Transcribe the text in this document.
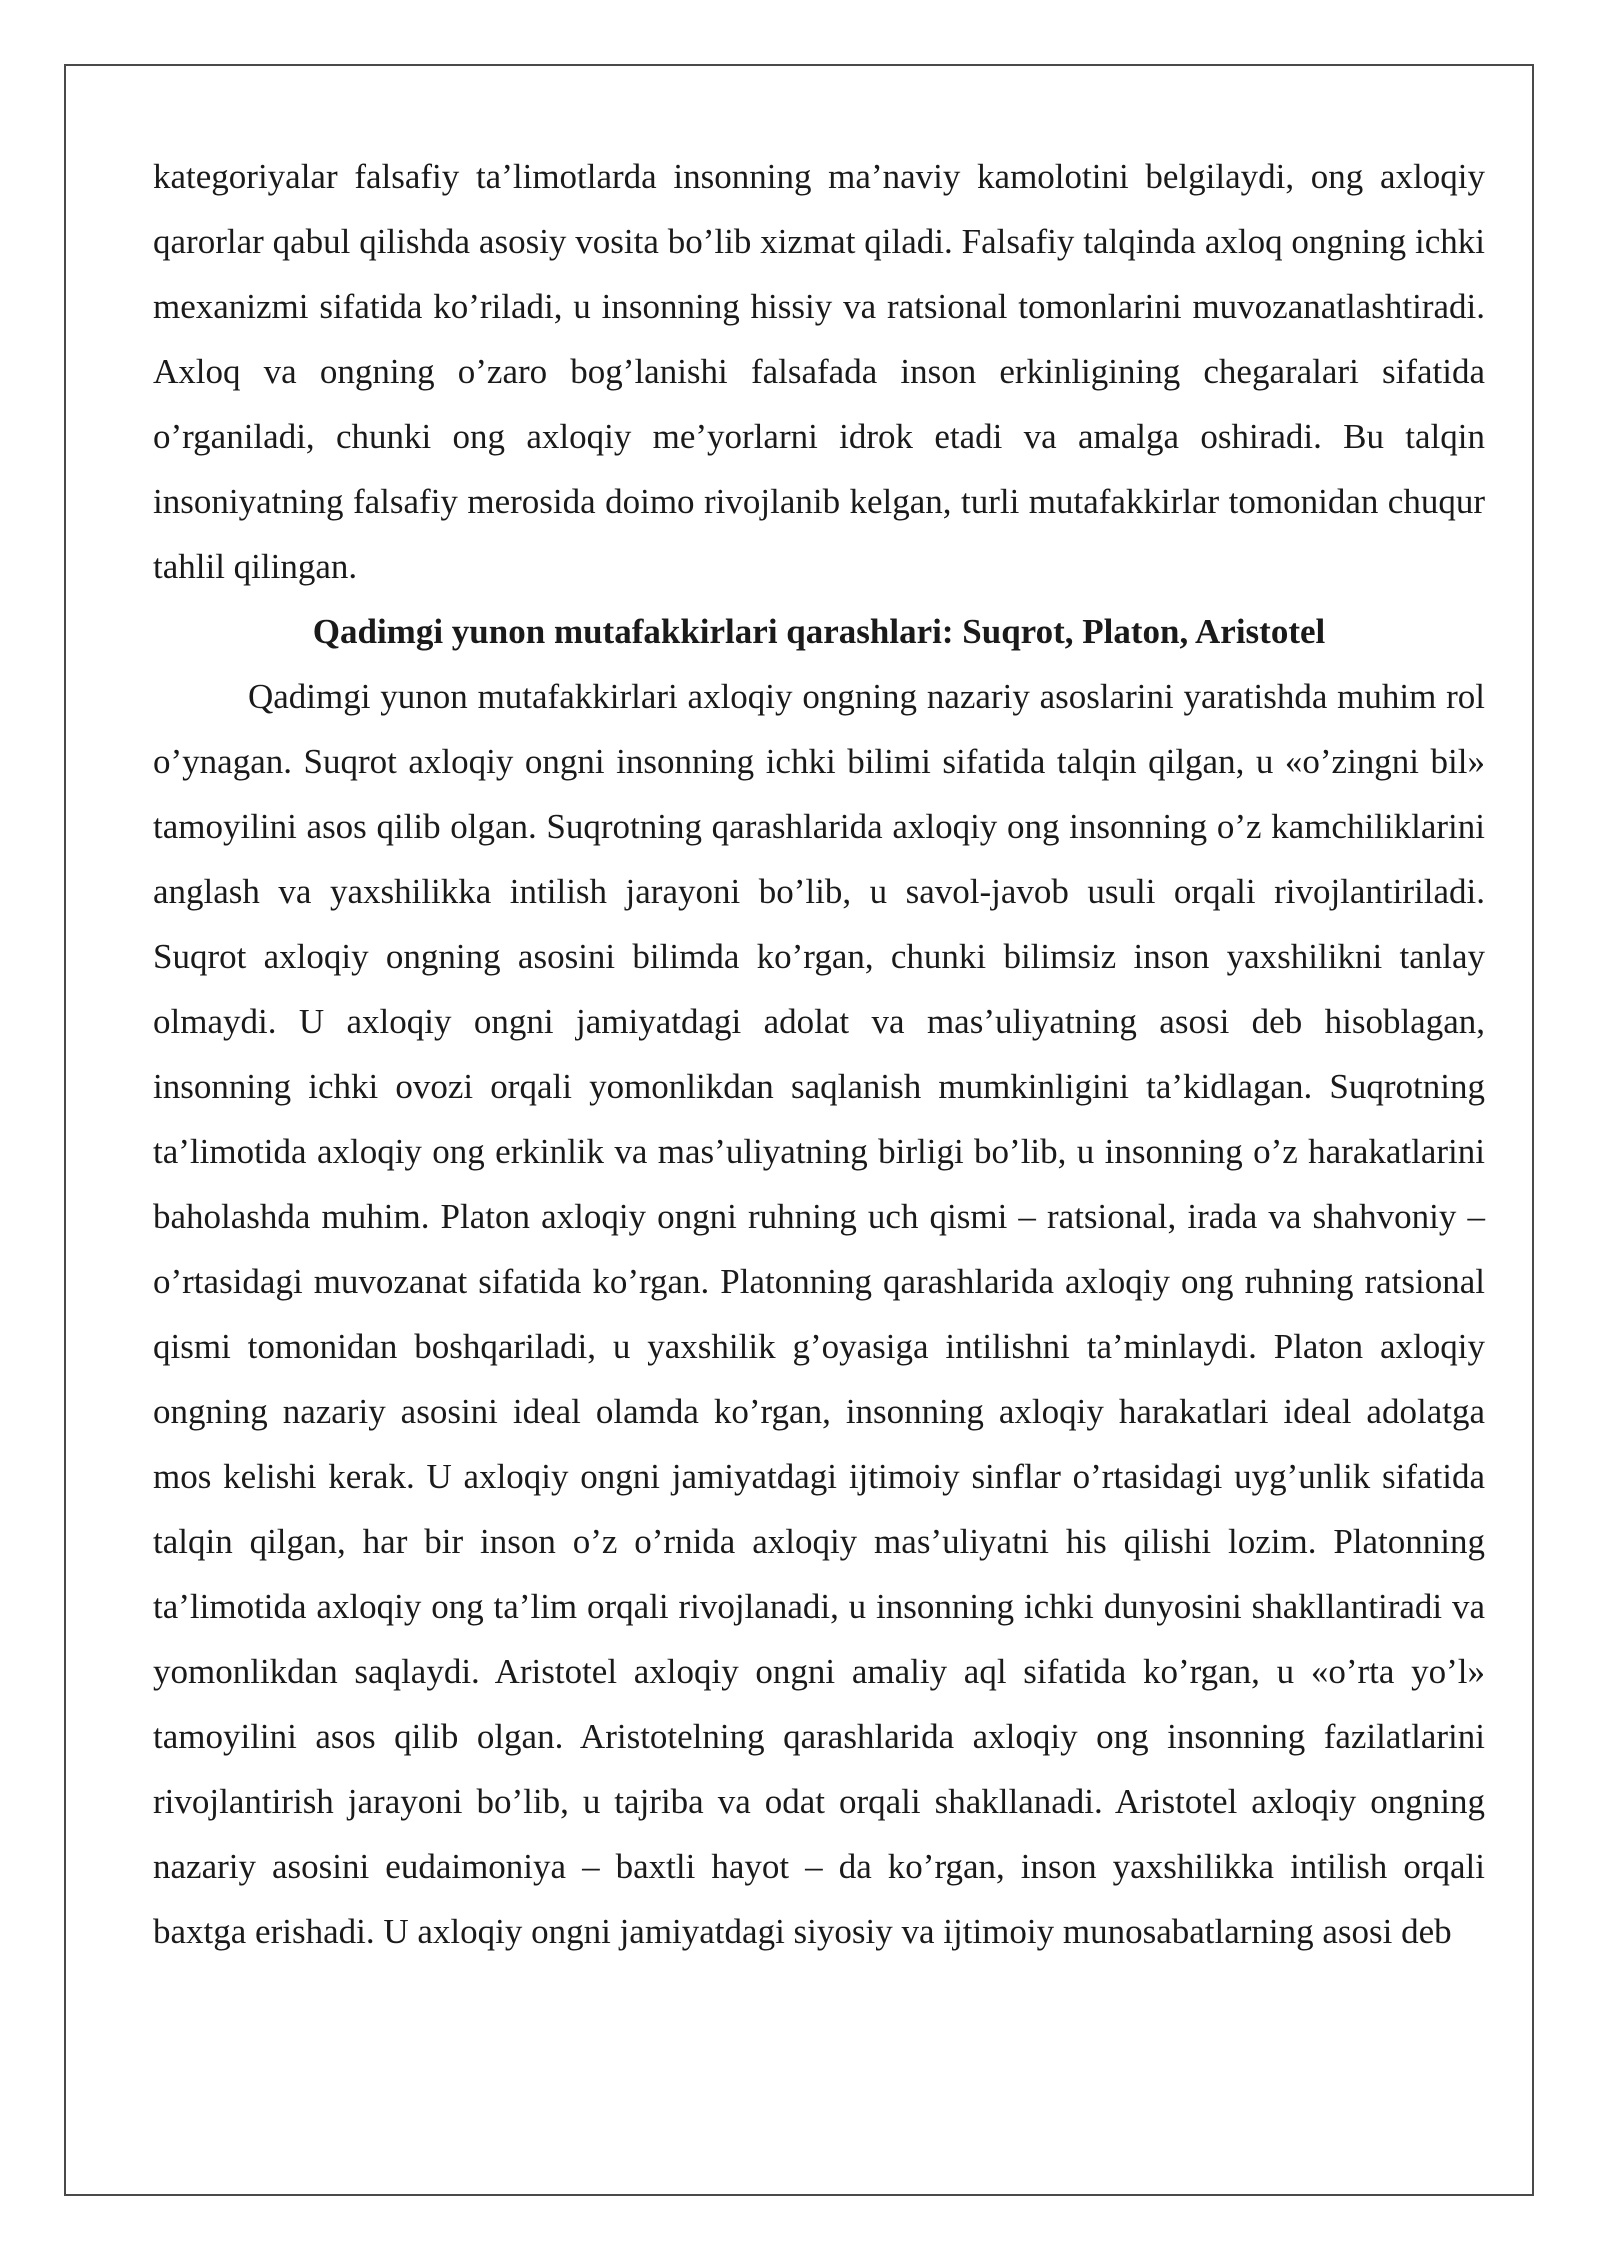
kategoriyalar falsafiy ta’limotlarda insonning ma’naviy kamolotini belgilaydi, ong axloqiy qarorlar qabul qilishda asosiy vosita bo’lib xizmat qiladi. Falsafiy talqinda axloq ongning ichki mexanizmi sifatida ko’riladi, u insonning hissiy va ratsional tomonlarini muvozanatlashtiradi. Axloq va ongning o’zaro bog’lanishi falsafada inson erkinligining chegaralari sifatida o’rganiladi, chunki ong axloqiy me’yorlarni idrok etadi va amalga oshiradi. Bu talqin insoniyatning falsafiy merosida doimo rivojlanib kelgan, turli mutafakkirlar tomonidan chuqur tahlil qilingan.

Qadimgi yunon mutafakkirlari qarashlari: Suqrot, Platon, Aristotel

Qadimgi yunon mutafakkirlari axloqiy ongning nazariy asoslarini yaratishda muhim rol o’ynagan. Suqrot axloqiy ongni insonning ichki bilimi sifatida talqin qilgan, u «o’zingni bil» tamoyilini asos qilib olgan. Suqrotning qarashlarida axloqiy ong insonning o’z kamchiliklarini anglash va yaxshilikka intilish jarayoni bo’lib, u savol-javob usuli orqali rivojlantiriladi. Suqrot axloqiy ongning asosini bilimda ko’rgan, chunki bilimsiz inson yaxshilikni tanlay olmaydi. U axloqiy ongni jamiyatdagi adolat va mas’uliyatning asosi deb hisoblagan, insonning ichki ovozi orqali yomonlikdan saqlanish mumkinligini ta’kidlagan. Suqrotning ta’limotida axloqiy ong erkinlik va mas’uliyatning birligi bo’lib, u insonning o’z harakatlarini baholashda muhim. Platon axloqiy ongni ruhning uch qismi – ratsional, irada va shahvoniy – o’rtasidagi muvozanat sifatida ko’rgan. Platonning qarashlarida axloqiy ong ruhning ratsional qismi tomonidan boshqariladi, u yaxshilik g’oyasiga intilishni ta’minlaydi. Platon axloqiy ongning nazariy asosini ideal olamda ko’rgan, insonning axloqiy harakatlari ideal adolatga mos kelishi kerak. U axloqiy ongni jamiyatdagi ijtimoiy sinflar o’rtasidagi uyg’unlik sifatida talqin qilgan, har bir inson o’z o’rnida axloqiy mas’uliyatni his qilishi lozim. Platonning ta’limotida axloqiy ong ta’lim orqali rivojlanadi, u insonning ichki dunyosini shakllantiradi va yomonlikdan saqlaydi. Aristotel axloqiy ongni amaliy aql sifatida ko’rgan, u «o’rta yo’l» tamoyilini asos qilib olgan. Aristotelning qarashlarida axloqiy ong insonning fazilatlarini rivojlantirish jarayoni bo’lib, u tajriba va odat orqali shakllanadi. Aristotel axloqiy ongning nazariy asosini eudaimoniya – baxtli hayot – da ko’rgan, inson yaxshilikka intilish orqali baxtga erishadi. U axloqiy ongni jamiyatdagi siyosiy va ijtimoiy munosabatlarning asosi deb
